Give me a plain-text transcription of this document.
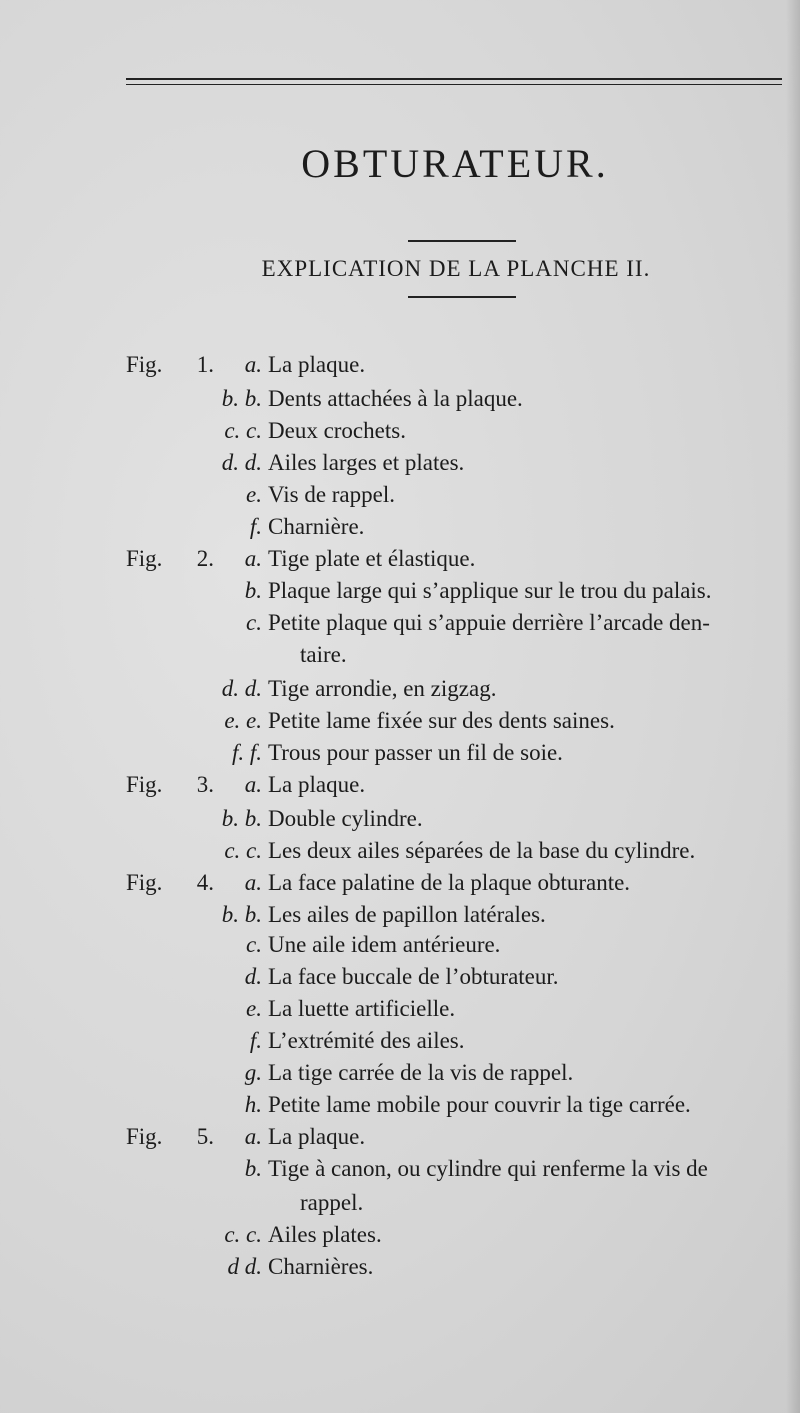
OBTURATEUR.
EXPLICATION DE LA PLANCHE II.
Fig.	1. a. La plaque.
b. b. Dents attachées à la plaque.
c. c. Deux crochets.
d. d. Ailes larges et plates.
e. Vis de rappel.
f. Charnière.
Fig.	2. a. Tige plate et élastique.
b. Plaque large qui s’applique sur le trou du palais.
c. Petite plaque qui s’appuie derrière l’arcade den-
taire.
d. d. Tige arrondie, en zigzag.
e. e. Petite lame fixée sur des dents saines.
f. f. Trous pour passer un fil de soie.
Fig.	3. a. La plaque.
b. b. Double cylindre.
c. c. Les deux ailes séparées de la base du cylindre.
Fig.	4. a. La face palatine de la plaque obturante.
b. b. Les ailes de papillon latérales.
c. Une aile idem antérieure.
d. La face buccale de l’obturateur.
e. La luette artificielle.
f. L’extrémité des ailes.
g. La tige carrée de la vis de rappel.
h. Petite lame mobile pour couvrir la tige carrée.
Fig.	5. a. La plaque.
b. Tige à canon, ou cylindre qui renferme la vis de
rappel.
c. c. Ailes plates.
d d. Charnières.
